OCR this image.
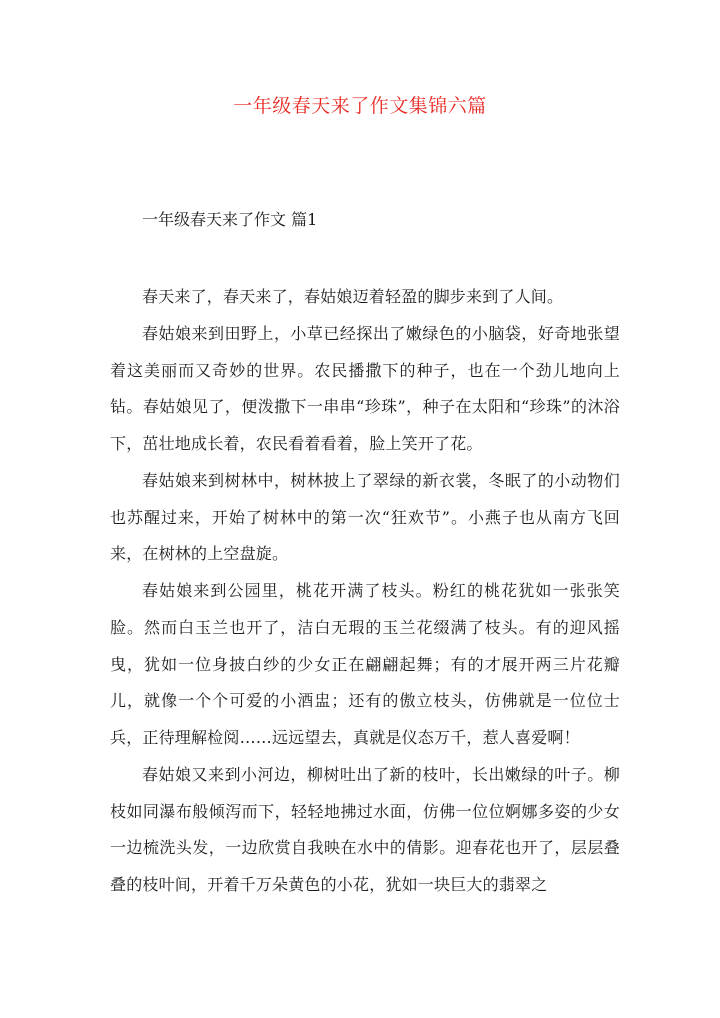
一年级春天来了作文集锦六篇
一年级春天来了作文 篇1

春天来了，春天来了，春姑娘迈着轻盈的脚步来到了人间。

春姑娘来到田野上，小草已经探出了嫩绿色的小脑袋，好奇地张望着这美丽而又奇妙的世界。农民播撒下的种子，也在一个劲儿地向上钻。春姑娘见了，便泼撒下一串串“珍珠”，种子在太阳和“珍珠”的沐浴下，茁壮地成长着，农民看着看着，脸上笑开了花。

春姑娘来到树林中，树林披上了翠绿的新衣裳，冬眠了的小动物们也苏醒过来，开始了树林中的第一次“狂欢节”。小燕子也从南方飞回来，在树林的上空盘旋。

春姑娘来到公园里，桃花开满了枝头。粉红的桃花犹如一张张笑脸。然而白玉兰也开了，洁白无瑕的玉兰花缀满了枝头。有的迎风摇曳，犹如一位身披白纱的少女正在翩翩起舞；有的才展开两三片花瓣儿，就像一个个可爱的小酒盅；还有的傲立枝头，仿佛就是一位位士兵，正待理解检阅……远远望去，真就是仪态万千，惹人喜爱啊！

春姑娘又来到小河边，柳树吐出了新的枝叶，长出嫩绿的叶子。柳枝如同瀑布般倾泻而下，轻轻地拂过水面，仿佛一位位婀娜多姿的少女一边梳洗头发，一边欣赏自我映在水中的倩影。迎春花也开了，层层叠叠的枝叶间，开着千万朵黄色的小花，犹如一块巨大的翡翠之
